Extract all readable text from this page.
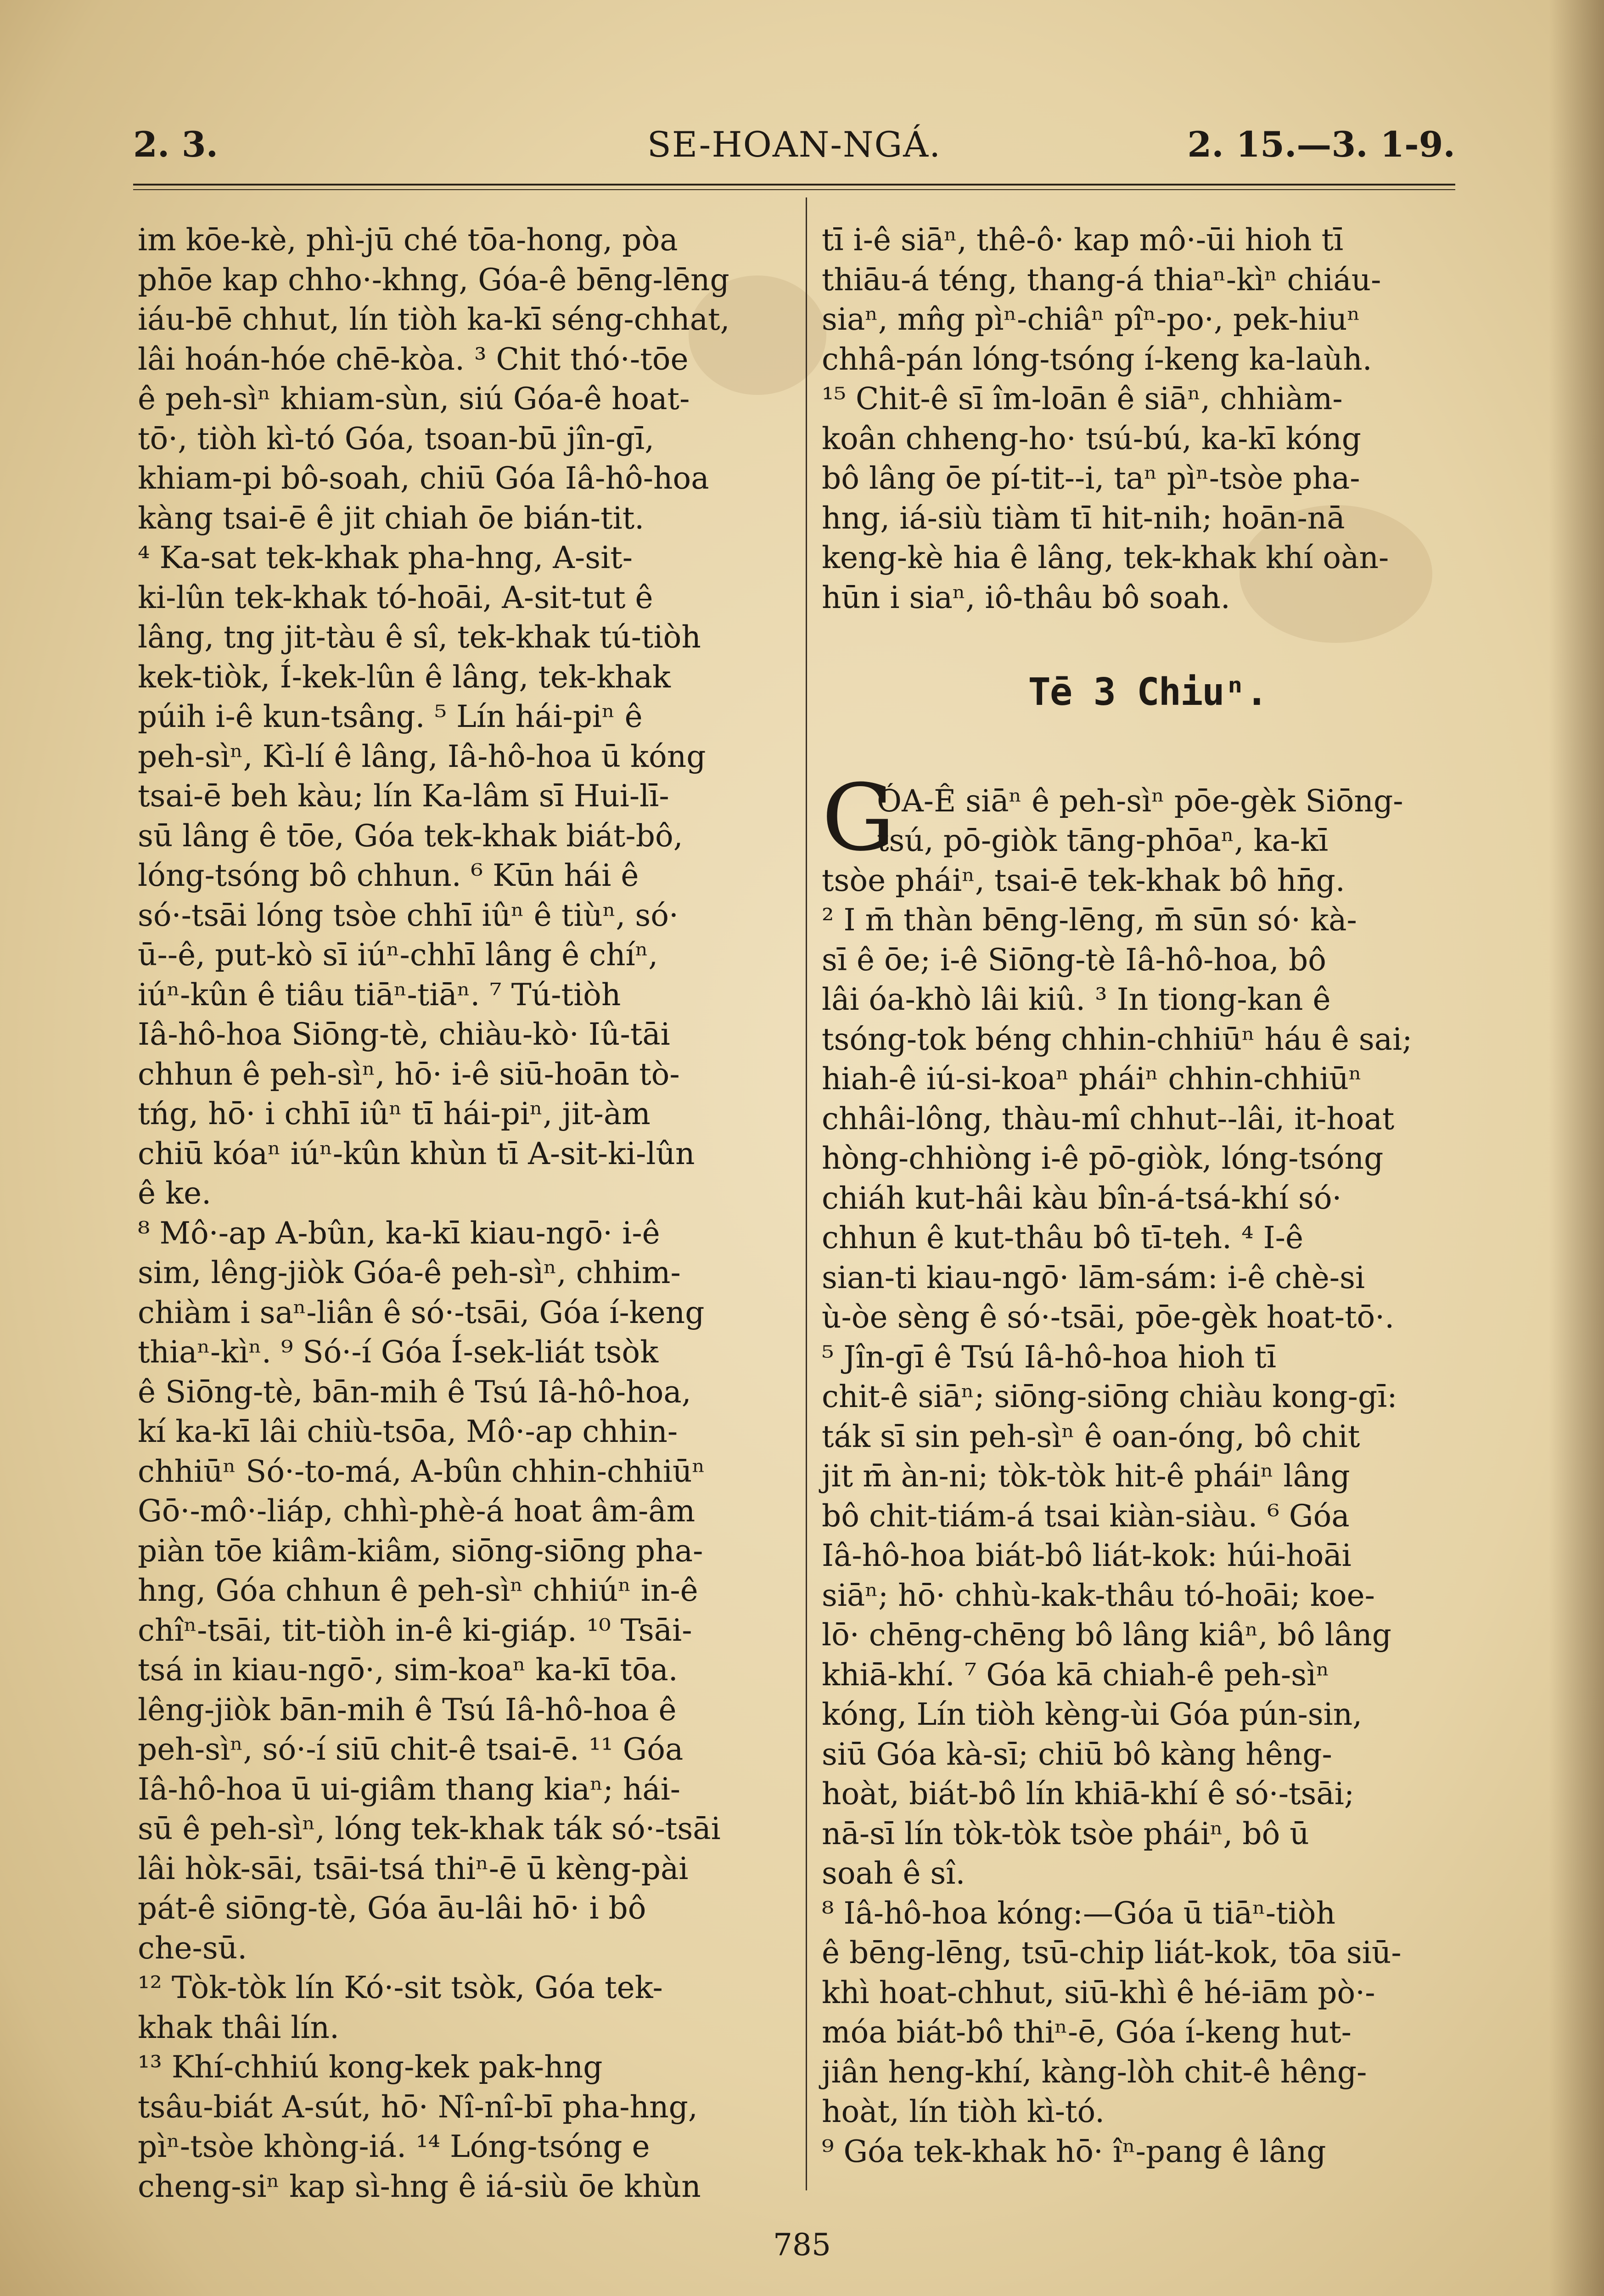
2. 3.	SE-HOAN-NGÁ.	2. 15.—3. 1-9.
im kōe-kè, phì-jū ché tōa-hong, pòa
phōe kap chho·-khng, Góa-ê bēng-lēng
iáu-bē chhut, lín tiòh ka-kī séng-chhat,
lâi hoán-hóe chē-kòa. ³ Chit thó·-tōe
ê peh-sìⁿ khiam-sùn, siú Góa-ê hoat-
tō·, tiòh kì-tó Góa, tsoan-bū jîn-gī,
khiam-pi bô-soah, chiū Góa Iâ-hô-hoa
kàng tsai-ē ê jit chiah ōe bián-tit.
⁴ Ka-sat tek-khak pha-hng, A-sit-
ki-lûn tek-khak tó-hoāi, A-sit-tut ê
lâng, tng jit-tàu ê sî, tek-khak tú-tiòh
kek-tiòk, Í-kek-lûn ê lâng, tek-khak
púih i-ê kun-tsâng. ⁵ Lín hái-piⁿ ê
peh-sìⁿ, Kì-lí ê lâng, Iâ-hô-hoa ū kóng
tsai-ē beh kàu; lín Ka-lâm sī Hui-lī-
sū lâng ê tōe, Góa tek-khak biát-bô,
lóng-tsóng bô chhun. ⁶ Kūn hái ê
só·-tsāi lóng tsòe chhī iûⁿ ê tiùⁿ, só·
ū--ê, put-kò sī iúⁿ-chhī lâng ê chíⁿ,
iúⁿ-kûn ê tiâu tiāⁿ-tiāⁿ. ⁷ Tú-tiòh
Iâ-hô-hoa Siōng-tè, chiàu-kò· Iû-tāi
chhun ê peh-sìⁿ, hō· i-ê siū-hoān tò-
tńg, hō· i chhī iûⁿ tī hái-piⁿ, jit-àm
chiū kóaⁿ iúⁿ-kûn khùn tī A-sit-ki-lûn
ê ke.
⁸ Mô·-ap A-bûn, ka-kī kiau-ngō· i-ê
sim, lêng-jiòk Góa-ê peh-sìⁿ, chhim-
chiàm i saⁿ-liân ê só·-tsāi, Góa í-keng
thiaⁿ-kìⁿ. ⁹ Só·-í Góa Í-sek-liát tsòk
ê Siōng-tè, bān-mih ê Tsú Iâ-hô-hoa,
kí ka-kī lâi chiù-tsōa, Mô·-ap chhin-
chhiūⁿ Só·-to-má, A-bûn chhin-chhiūⁿ
Gō·-mô·-liáp, chhì-phè-á hoat âm-âm
piàn tōe kiâm-kiâm, siōng-siōng pha-
hng, Góa chhun ê peh-sìⁿ chhiúⁿ in-ê
chîⁿ-tsāi, tit-tiòh in-ê ki-giáp. ¹⁰ Tsāi-
tsá in kiau-ngō·, sim-koaⁿ ka-kī tōa.
lêng-jiòk bān-mih ê Tsú Iâ-hô-hoa ê
peh-sìⁿ, só·-í siū chit-ê tsai-ē. ¹¹ Góa
Iâ-hô-hoa ū ui-giâm thang kiaⁿ; hái-
sū ê peh-sìⁿ, lóng tek-khak ták só·-tsāi
lâi hòk-sāi, tsāi-tsá thiⁿ-ē ū kèng-pài
pát-ê siōng-tè, Góa āu-lâi hō· i bô
che-sū.
¹² Tòk-tòk lín Kó·-sit tsòk, Góa tek-
khak thâi lín.
¹³ Khí-chhiú kong-kek pak-hng
tsâu-biát A-sút, hō· Nî-nî-bī pha-hng,
pìⁿ-tsòe khòng-iá. ¹⁴ Lóng-tsóng e
cheng-siⁿ kap sì-hng ê iá-siù ōe khùn
tī i-ê siāⁿ, thê-ô· kap mô·-ūi hioh tī
thiāu-á téng, thang-á thiaⁿ-kìⁿ chiáu-
siaⁿ, mn̂g pìⁿ-chiâⁿ pîⁿ-po·, pek-hiuⁿ
chhâ-pán lóng-tsóng í-keng ka-laùh.
¹⁵ Chit-ê sī îm-loān ê siāⁿ, chhiàm-
koân chheng-ho· tsú-bú, ka-kī kóng
bô lâng ōe pí-tit--i, taⁿ pìⁿ-tsòe pha-
hng, iá-siù tiàm tī hit-nih; hoān-nā
keng-kè hia ê lâng, tek-khak khí oàn-
hūn i siaⁿ, iô-thâu bô soah.
Tē 3 Chiuⁿ.
G
ÓA-Ê siāⁿ ê peh-sìⁿ pōe-gèk Siōng-
tsú, pō-giòk tāng-phōaⁿ, ka-kī
tsòe pháiⁿ, tsai-ē tek-khak bô hn̄g.
² I m̄ thàn bēng-lēng, m̄ sūn só· kà-
sī ê ōe; i-ê Siōng-tè Iâ-hô-hoa, bô
lâi óa-khò lâi kiû. ³ In tiong-kan ê
tsóng-tok béng chhin-chhiūⁿ háu ê sai;
hiah-ê iú-si-koaⁿ pháiⁿ chhin-chhiūⁿ
chhâi-lông, thàu-mî chhut--lâi, it-hoat
hòng-chhiòng i-ê pō-giòk, lóng-tsóng
chiáh kut-hâi kàu bîn-á-tsá-khí só·
chhun ê kut-thâu bô tī-teh. ⁴ I-ê
sian-ti kiau-ngō· lām-sám: i-ê chè-si
ù-òe sèng ê só·-tsāi, pōe-gèk hoat-tō·.
⁵ Jîn-gī ê Tsú Iâ-hô-hoa hioh tī
chit-ê siāⁿ; siōng-siōng chiàu kong-gī:
ták sī sin peh-sìⁿ ê oan-óng, bô chit
jit m̄ àn-ni; tòk-tòk hit-ê pháiⁿ lâng
bô chit-tiám-á tsai kiàn-siàu. ⁶ Góa
Iâ-hô-hoa biát-bô liát-kok: húi-hoāi
siāⁿ; hō· chhù-kak-thâu tó-hoāi; koe-
lō· chēng-chēng bô lâng kiâⁿ, bô lâng
khiā-khí. ⁷ Góa kā chiah-ê peh-sìⁿ
kóng, Lín tiòh kèng-ùi Góa pún-sin,
siū Góa kà-sī; chiū bô kàng hêng-
hoàt, biát-bô lín khiā-khí ê só·-tsāi;
nā-sī lín tòk-tòk tsòe pháiⁿ, bô ū
soah ê sî.
⁸ Iâ-hô-hoa kóng:—Góa ū tiāⁿ-tiòh
ê bēng-lēng, tsū-chip liát-kok, tōa siū-
khì hoat-chhut, siū-khì ê hé-iām pò·-
móa biát-bô thiⁿ-ē, Góa í-keng hut-
jiân heng-khí, kàng-lòh chit-ê hêng-
hoàt, lín tiòh kì-tó.
⁹ Góa tek-khak hō· îⁿ-pang ê lâng
785
